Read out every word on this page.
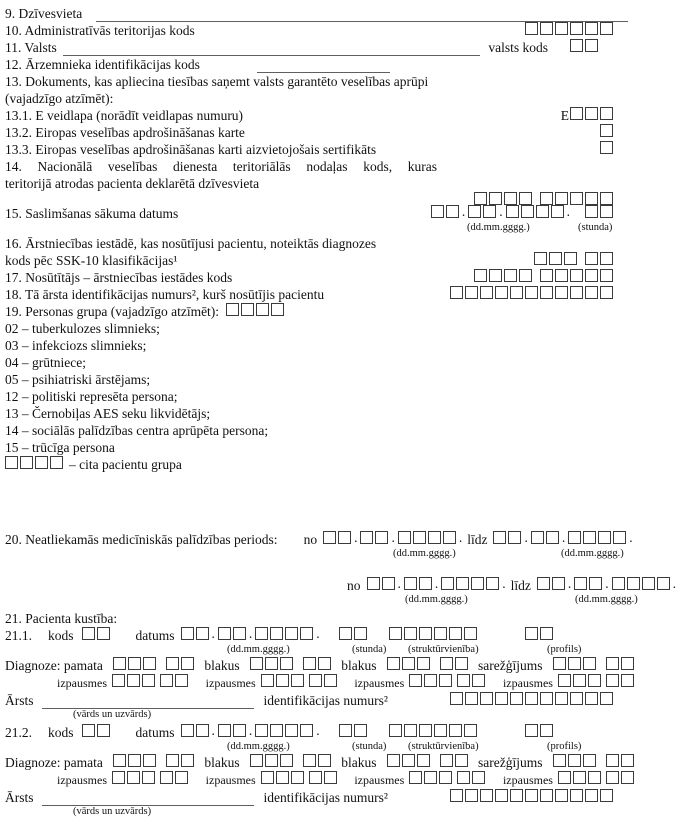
9. Dzīvesvieta
10. Administratīvās teritorijas kods
11. Valsts	valsts kods
12. Ārzemnieka identifikācijas kods
13. Dokuments, kas apliecina tiesības saņemt valsts garantēto veselības aprūpi
(vajadzīgo atzīmēt):
13.1. E veidlapa (norādīt veidlapas numuru)	E
13.2. Eiropas veselības apdrošināšanas karte
13.3. Eiropas veselības apdrošināšanas karti aizvietojošais sertifikāts
14. Nacionālā veselības dienesta teritoriālās nodaļas kods, kuras
teritorijā atrodas pacienta deklarētā dzīvesvieta
15. Saslimšanas sākuma datums	.	.	.
(dd.mm.gggg.)	(stunda)
16. Ārstniecības iestādē, kas nosūtījusi pacientu, noteiktās diagnozes
kods pēc SSK-10 klasifikācijas¹
17. Nosūtītājs – ārstniecības iestādes kods
18. Tā ārsta identifikācijas numurs², kurš nosūtījis pacientu
19. Personas grupa (vajadzīgo atzīmēt):
02 – tuberkulozes slimnieks;
03 – infekciozs slimnieks;
04 – grūtniece;
05 – psihiatriski ārstējams;
12 – politiski represēta persona;
13 – Černobiļas AES seku likvidētājs;
14 – sociālās palīdzības centra aprūpēta persona;
15 – trūcīga persona
– cita pacientu grupa
20. Neatliekamās medicīniskās palīdzības periods: no	.	.	. līdz	.	.	.
(dd.mm.gggg.)	(dd.mm.gggg.)
no	.	.	. līdz	.	.	.
(dd.mm.gggg.)	(dd.mm.gggg.)
21. Pacienta kustība:
21.1. kods	datums	.	.	.
(dd.mm.gggg.)	(stunda) (struktūrvienība)	(profils)
Diagnoze: pamata	blakus	blakus	sarežģījums
izpausmes	izpausmes	izpausmes	izpausmes
Ārsts	identifikācijas numurs²
(vārds un uzvārds)
21.2. kods	datums	.	.	.
(dd.mm.gggg.)	(stunda) (struktūrvienība)	(profils)
Diagnoze: pamata	blakus	blakus	sarežģījums
izpausmes	izpausmes	izpausmes	izpausmes
Ārsts	identifikācijas numurs²
(vārds un uzvārds)
